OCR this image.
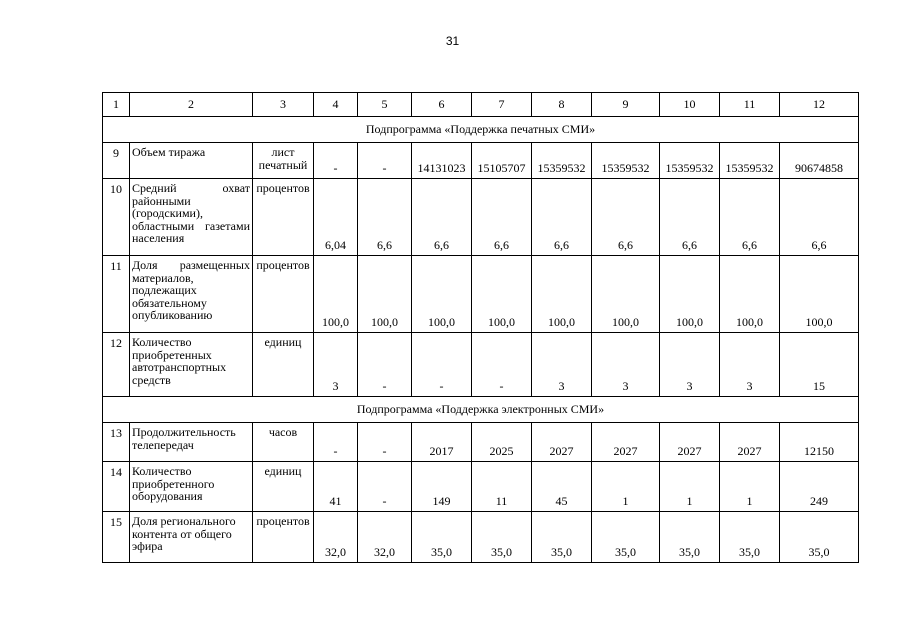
31
1	2	3	4	5	6	7	8	9	10	11	12
Подпрограмма «Поддержка печатных СМИ»											
9	Объем тиража	лист печатный	-	-	14131023	15105707	15359532	15359532	15359532	15359532	90674858
10	Средний охват районными (городскими), областными газетами населения	процентов	6,04	6,6	6,6	6,6	6,6	6,6	6,6	6,6	6,6
11	Доля размещенных материалов, подлежащих обязательному опубликованию	процентов	100,0	100,0	100,0	100,0	100,0	100,0	100,0	100,0	100,0
12	Количество приобретенных автотранспортных средств	единиц	3	-	-	-	3	3	3	3	15
Подпрограмма «Поддержка электронных СМИ»											
13	Продолжительность телепередач	часов	-	-	2017	2025	2027	2027	2027	2027	12150
14	Количество приобретенного оборудования	единиц	41	-	149	11	45	1	1	1	249
15	Доля регионального контента от общего эфира	процентов	32,0	32,0	35,0	35,0	35,0	35,0	35,0	35,0	35,0
